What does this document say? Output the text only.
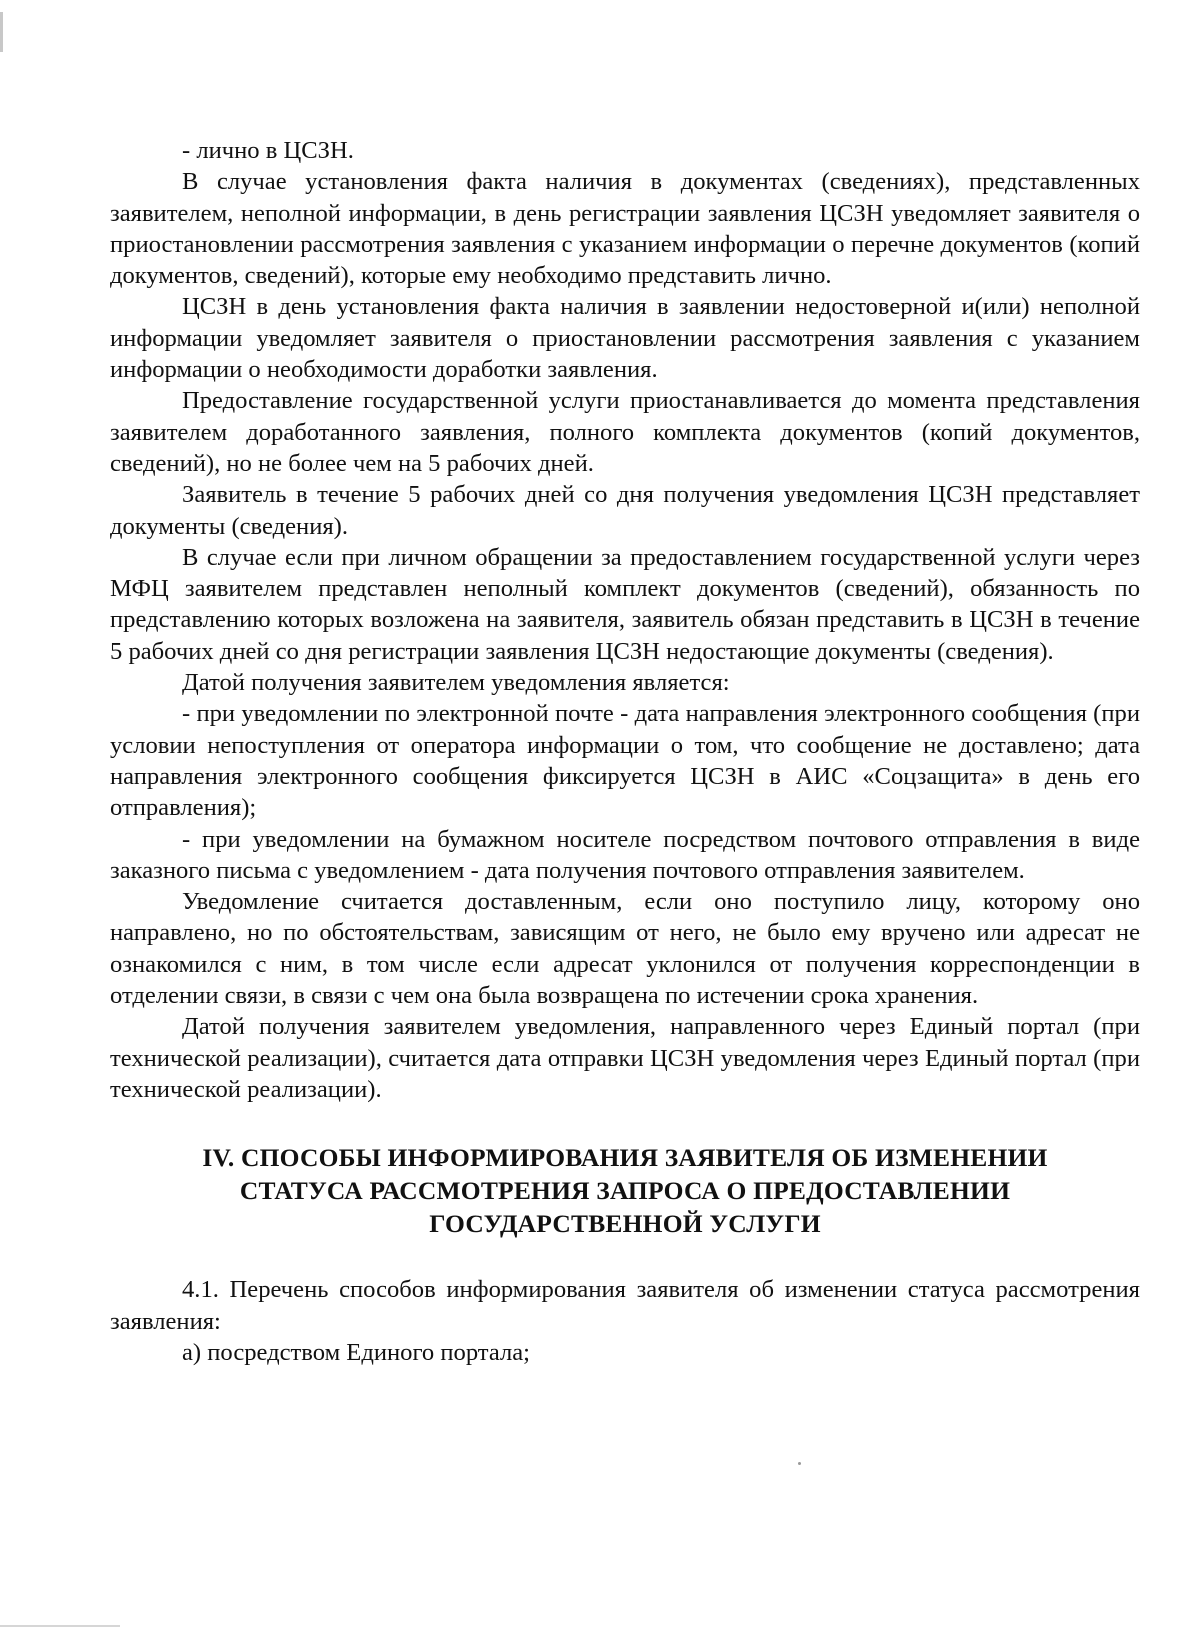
- лично в ЦСЗН.

В случае установления факта наличия в документах (сведениях), представленных заявителем, неполной информации, в день регистрации заявления ЦСЗН уведомляет заявителя о приостановлении рассмотрения заявления с указанием информации о перечне документов (копий документов, сведений), которые ему необходимо представить лично.

ЦСЗН в день установления факта наличия в заявлении недостоверной и(или) неполной информации уведомляет заявителя о приостановлении рассмотрения заявления с указанием информации о необходимости доработки заявления.

Предоставление государственной услуги приостанавливается до момента представления заявителем доработанного заявления, полного комплекта документов (копий документов, сведений), но не более чем на 5 рабочих дней.

Заявитель в течение 5 рабочих дней со дня получения уведомления ЦСЗН представляет документы (сведения).

В случае если при личном обращении за предоставлением государственной услуги через МФЦ заявителем представлен неполный комплект документов (сведений), обязанность по представлению которых возложена на заявителя, заявитель обязан представить в ЦСЗН в течение 5 рабочих дней со дня регистрации заявления ЦСЗН недостающие документы (сведения).

Датой получения заявителем уведомления является:

- при уведомлении по электронной почте - дата направления электронного сообщения (при условии непоступления от оператора информации о том, что сообщение не доставлено; дата направления электронного сообщения фиксируется ЦСЗН в АИС «Соцзащита» в день его отправления);

- при уведомлении на бумажном носителе посредством почтового отправления в виде заказного письма с уведомлением - дата получения почтового отправления заявителем.

Уведомление считается доставленным, если оно поступило лицу, которому оно направлено, но по обстоятельствам, зависящим от него, не было ему вручено или адресат не ознакомился с ним, в том числе если адресат уклонился от получения корреспонденции в отделении связи, в связи с чем она была возвращена по истечении срока хранения.

Датой получения заявителем уведомления, направленного через Единый портал (при технической реализации), считается дата отправки ЦСЗН уведомления через Единый портал (при технической реализации).

IV. СПОСОБЫ ИНФОРМИРОВАНИЯ ЗАЯВИТЕЛЯ ОБ ИЗМЕНЕНИИ СТАТУСА РАССМОТРЕНИЯ ЗАПРОСА О ПРЕДОСТАВЛЕНИИ ГОСУДАРСТВЕННОЙ УСЛУГИ

4.1. Перечень способов информирования заявителя об изменении статуса рассмотрения заявления:

а) посредством Единого портала;
